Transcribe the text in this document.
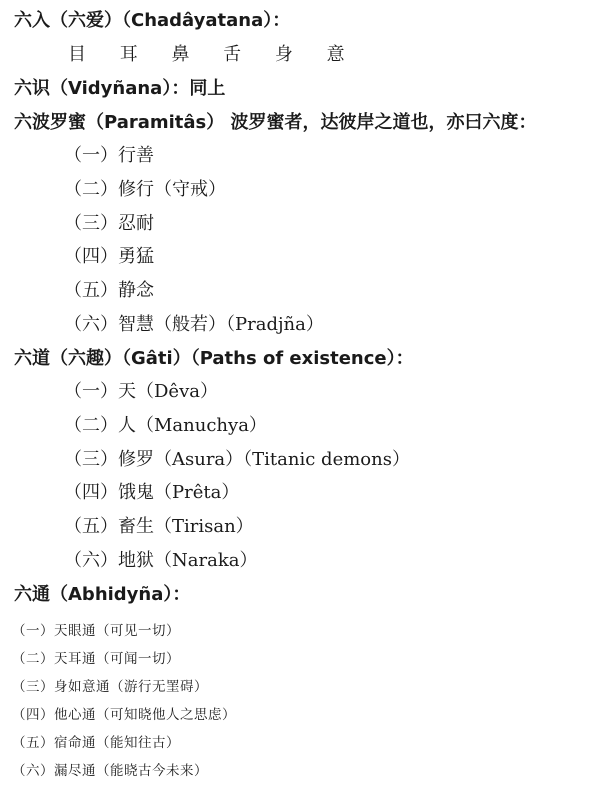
六入（六爱）（Chadâyatana）：
目 耳 鼻 舌 身 意
六识（Vidyñana）：同上
六波罗蜜（Paramitâs） 波罗蜜者，达彼岸之道也，亦曰六度：
（一）行善
（二）修行（守戒）
（三）忍耐
（四）勇猛
（五）静念
（六）智慧（般若）（Pradjña）
六道（六趣）（Gâti）（Paths of existence）：
（一）天（Dêva）
（二）人（Manuchya）
（三）修罗（Asura）（Titanic demons）
（四）饿鬼（Prêta）
（五）畜生（Tirisan）
（六）地狱（Naraka）
六通（Abhidyña）：
（一）天眼通（可见一切）
（二）天耳通（可闻一切）
（三）身如意通（游行无罣碍）
（四）他心通（可知晓他人之思虑）
（五）宿命通（能知往古）
（六）漏尽通（能晓古今未来）
